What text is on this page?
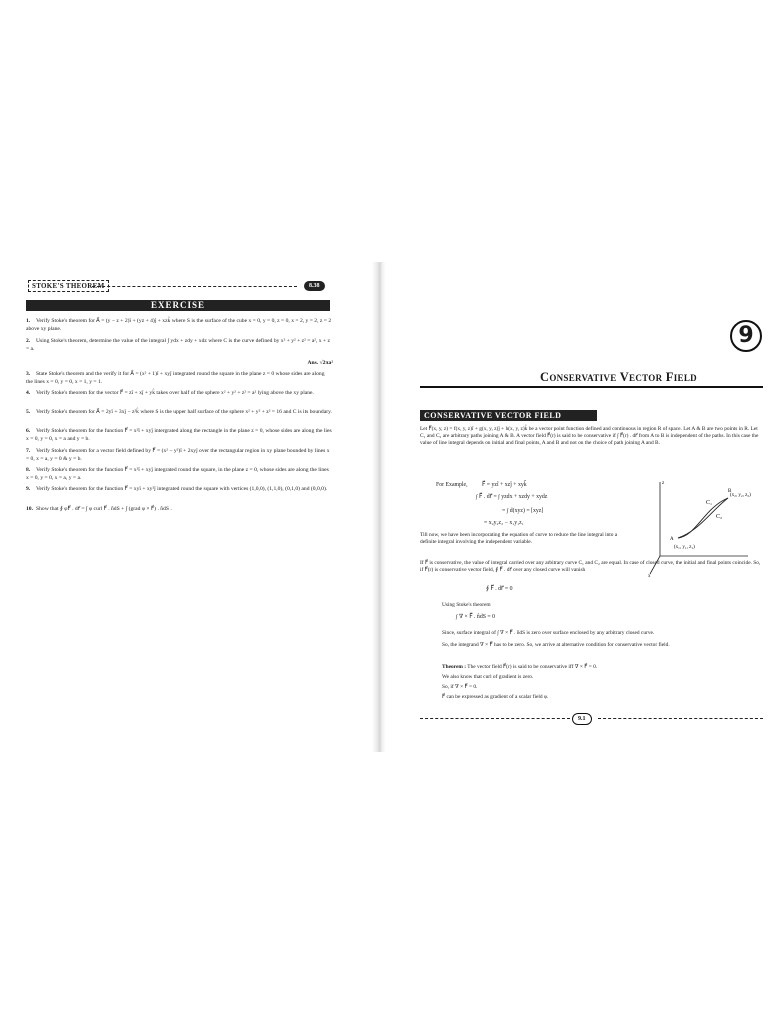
STOKE'S THEOREM	8.38
EXERCISE
1. Verify Stoke's theorem for A⃗ = (y − z + 2)î + (yz + 4)ĵ + xzk̂ where S is the surface of the cube x = 0, y = 0, z = 0, x = 2, y = 2, z = 2 above xy plane.
2. Using Stoke's theorem, determine the value of the integral ∫ ydx + zdy + xdz where C is the curve defined by x² + y² + z² = a², x + z = a.
Ans. √2πa²
3. State Stoke's theorem and the verify it for A⃗ = (x² + 1)î + xyĵ integrated round the square in the plane z = 0 whose sides are along the lines x = 0, y = 0, x = 1, y = 1.
4. Verify Stoke's theorem for the vector F⃗ = zî + xĵ + yk̂ takes over half of the sphere x² + y² + z² = a² lying above the xy plane.
5. Verify Stoke's theorem for A⃗ = 2yî + 3xĵ − z²k̂ where S is the upper half surface of the sphere x² + y² + z² = 16 and C is its boundary.
6. Verify Stoke's theorem for the function F⃗ = x²î + xyĵ intergrated along the rectangle in the plane z = 0, whose sides are along the lies x = 0, y = 0, x = a and y = b.
7. Verify Stoke's theorem for a vector field defined by F⃗ = (x² − y²)î + 2xyĵ over the rectangular region in xy plane bounded by lines x = 0, x = a, y = 0 & y = b.
8. Verify Stoke's theorem for the function F⃗ = x²î + xyĵ integrated round the square, in the plane z = 0, whose sides are along the lines x = 0, y = 0, x = a, y = a.
9. Verify Stoke's theorem for the function F⃗ = xyî + xy²ĵ integrated round the square with vertices (1,0,0), (1,1,0), (0,1,0) and (0,0,0).
10. Show that ∮ φF⃗ . dr⃗ = ∫ φ curl F⃗ . n̂dS + ∫ (grad φ × F⃗) . n̂dS .
9
Conservative Vector Field
CONSERVATIVE VECTOR FIELD
Let F⃗(x, y, z) = f(x, y, z)î + g(x, y, z)ĵ + h(x, y, z)k̂ be a vector point function defined and continuous in region R of space. Let A & B are two points in R. Let C₁ and C₂ are arbitrary paths joining A & B. A vector field F⃗(r) is said to be conservative if ∫ F⃗(r) . dr⃗ from A to B is independent of the paths. In this case the value of line integral depends on initial and final points, A and B and not on the choice of path joining A and B.
For Example, F⃗ = yzî + xzĵ + xyk̂
∫ F⃗ . dr⃗ = ∫ yzdx + xzdy + xydz
= ∫ d(xyz) = [xyz]
= x₂y₂z₂ − x₁y₁z₁
C₁
C₂
(x₂, y₂, z₂)
B
A
(x₁, y₁, z₁)
z
x
Till now, we have been incorporating the equation of curve to reduce the line integral into a definite integral involving the independent variable.
If F⃗ is conservative, the value of integral carried over any arbitrary curve C₁ and C₂ are equal. In case of closed curve, the initial and final points coincide. So, if F⃗(r) is conservative vector field, ∮ F⃗ . dr⃗ over any closed curve will vanish
∮ F⃗ . dr⃗ = 0
Using Stoke's theorem
∫ ∇ × F⃗ . n̂dS = 0
Since, surface integral of ∫ ∇ × F⃗ . n̂dS is zero over surface enclosed by any arbitrary closed curve.
So, the integrand ∇ × F⃗ has to be zero. So, we arrive at alternative condition for conservative vector field.
Theorem : The vector field F⃗(r) is said to be conservative iff ∇ × F⃗ = 0.
We also know that curl of gradient is zero.
So, if ∇ × F⃗ = 0.
F⃗ can be expressed as gradient of a scalar field φ.
9.1
